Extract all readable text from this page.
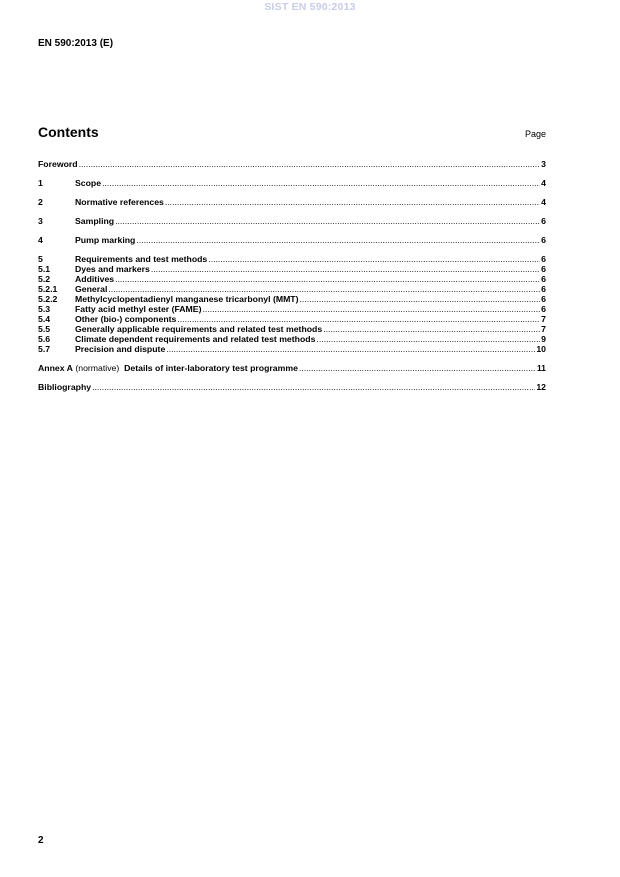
SIST EN 590:2013
EN 590:2013 (E)
Contents	Page
Foreword .....	3
1	Scope .....	4
2	Normative references .....	4
3	Sampling .....	6
4	Pump marking .....	6
5	Requirements and test methods .....	6
5.1	Dyes and markers .....	6
5.2	Additives .....	6
5.2.1	General .....	6
5.2.2	Methylcyclopentadienyl manganese tricarbonyl (MMT) .....	6
5.3	Fatty acid methyl ester (FAME) .....	6
5.4	Other (bio-) components .....	7
5.5	Generally applicable requirements and related test methods .....	7
5.6	Climate dependent requirements and related test methods .....	9
5.7	Precision and dispute .....	10
Annex A (normative) Details of inter-laboratory test programme .....	11
Bibliography .....	12
2
